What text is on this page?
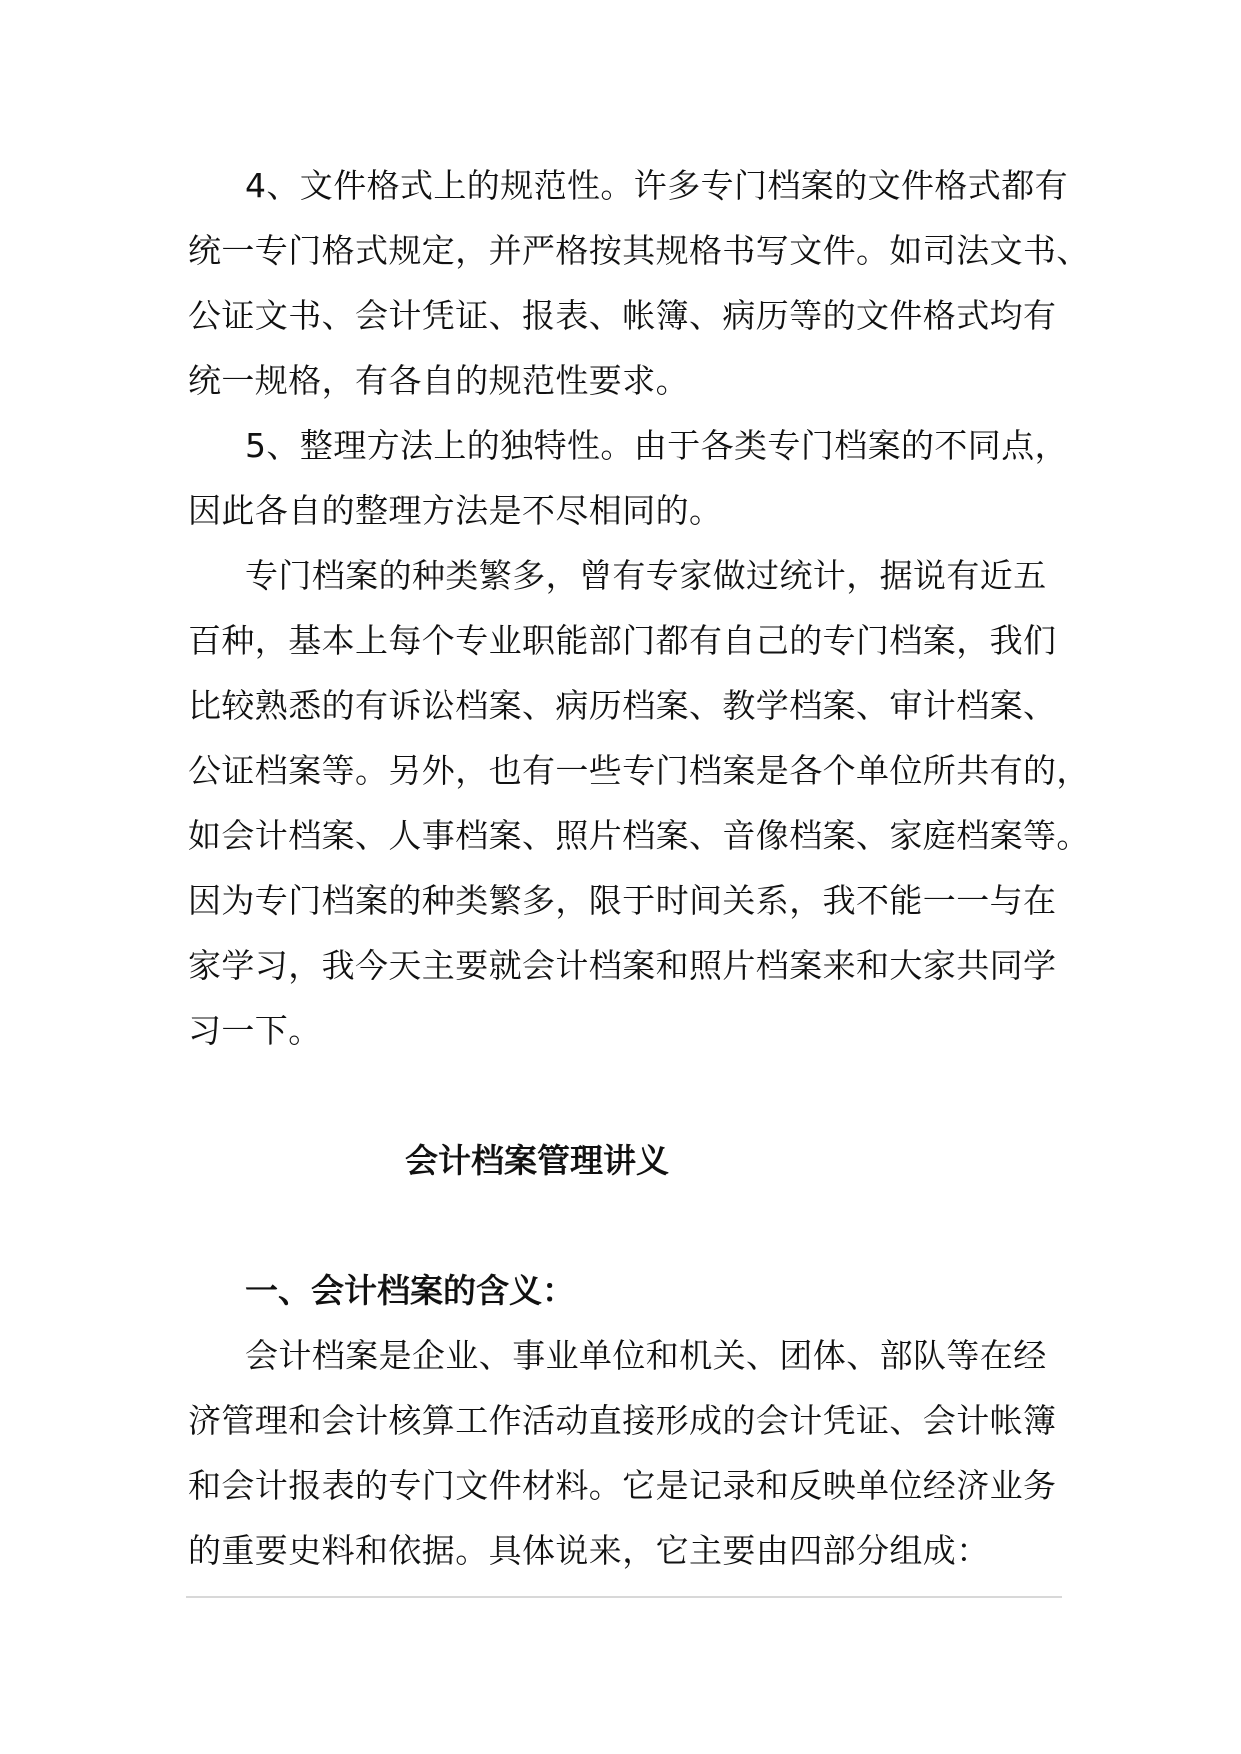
4、文件格式上的规范性。许多专门档案的文件格式都有
统一专门格式规定，并严格按其规格书写文件。如司法文书、
公证文书、会计凭证、报表、帐簿、病历等的文件格式均有
统一规格，有各自的规范性要求。
5、整理方法上的独特性。由于各类专门档案的不同点，
因此各自的整理方法是不尽相同的。
专门档案的种类繁多，曾有专家做过统计，据说有近五
百种，基本上每个专业职能部门都有自己的专门档案，我们
比较熟悉的有诉讼档案、病历档案、教学档案、审计档案、
公证档案等。另外，也有一些专门档案是各个单位所共有的，
如会计档案、人事档案、照片档案、音像档案、家庭档案等。
因为专门档案的种类繁多，限于时间关系，我不能一一与在
家学习，我今天主要就会计档案和照片档案来和大家共同学
习一下。
会计档案管理讲义
一、会计档案的含义：
会计档案是企业、事业单位和机关、团体、部队等在经
济管理和会计核算工作活动直接形成的会计凭证、会计帐簿
和会计报表的专门文件材料。它是记录和反映单位经济业务
的重要史料和依据。具体说来，它主要由四部分组成：
